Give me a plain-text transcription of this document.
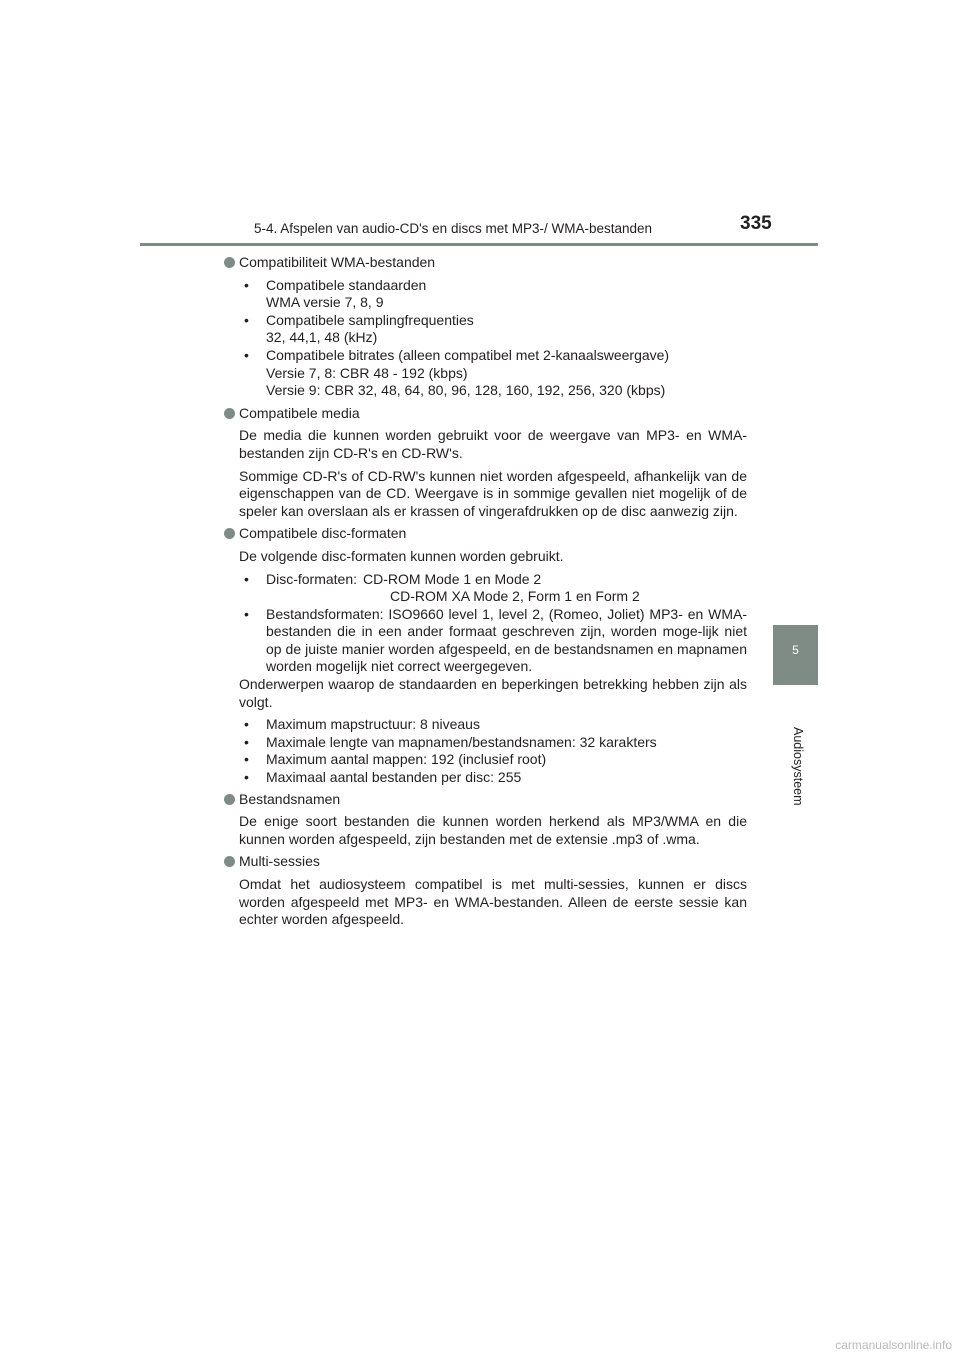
5-4. Afspelen van audio-CD's en discs met MP3-/ WMA-bestanden	335
5
Audiosysteem
Compatibiliteit WMA-bestanden
• Compatibele standaarden
WMA versie 7, 8, 9
• Compatibele samplingfrequenties
32, 44,1, 48 (kHz)
• Compatibele bitrates (alleen compatibel met 2-kanaalsweergave)
Versie 7, 8: CBR 48 - 192 (kbps)
Versie 9: CBR 32, 48, 64, 80, 96, 128, 160, 192, 256, 320 (kbps)
Compatibele media

De media die kunnen worden gebruikt voor de weergave van MP3- en WMA-bestanden zijn CD-R's en CD-RW's.

Sommige CD-R's of CD-RW's kunnen niet worden afgespeeld, afhankelijk van de eigenschappen van de CD. Weergave is in sommige gevallen niet mogelijk of de speler kan overslaan als er krassen of vingerafdrukken op de disc aanwezig zijn.

Compatibele disc-formaten

De volgende disc-formaten kunnen worden gebruikt.

• Disc-formaten: CD-ROM Mode 1 en Mode 2
CD-ROM XA Mode 2, Form 1 en Form 2
• Bestandsformaten: ISO9660 level 1, level 2, (Romeo, Joliet) MP3- en WMA-bestanden die in een ander formaat geschreven zijn, worden moge-lijk niet op de juiste manier worden afgespeeld, en de bestandsnamen en mapnamen worden mogelijk niet correct weergegeven.

Onderwerpen waarop de standaarden en beperkingen betrekking hebben zijn als volgt.

• Maximum mapstructuur: 8 niveaus
• Maximale lengte van mapnamen/bestandsnamen: 32 karakters
• Maximum aantal mappen: 192 (inclusief root)
• Maximaal aantal bestanden per disc: 255
Bestandsnamen

De enige soort bestanden die kunnen worden herkend als MP3/WMA en die kunnen worden afgespeeld, zijn bestanden met de extensie .mp3 of .wma.

Multi-sessies

Omdat het audiosysteem compatibel is met multi-sessies, kunnen er discs worden afgespeeld met MP3- en WMA-bestanden. Alleen de eerste sessie kan echter worden afgespeeld.

carmanualsonline.info
